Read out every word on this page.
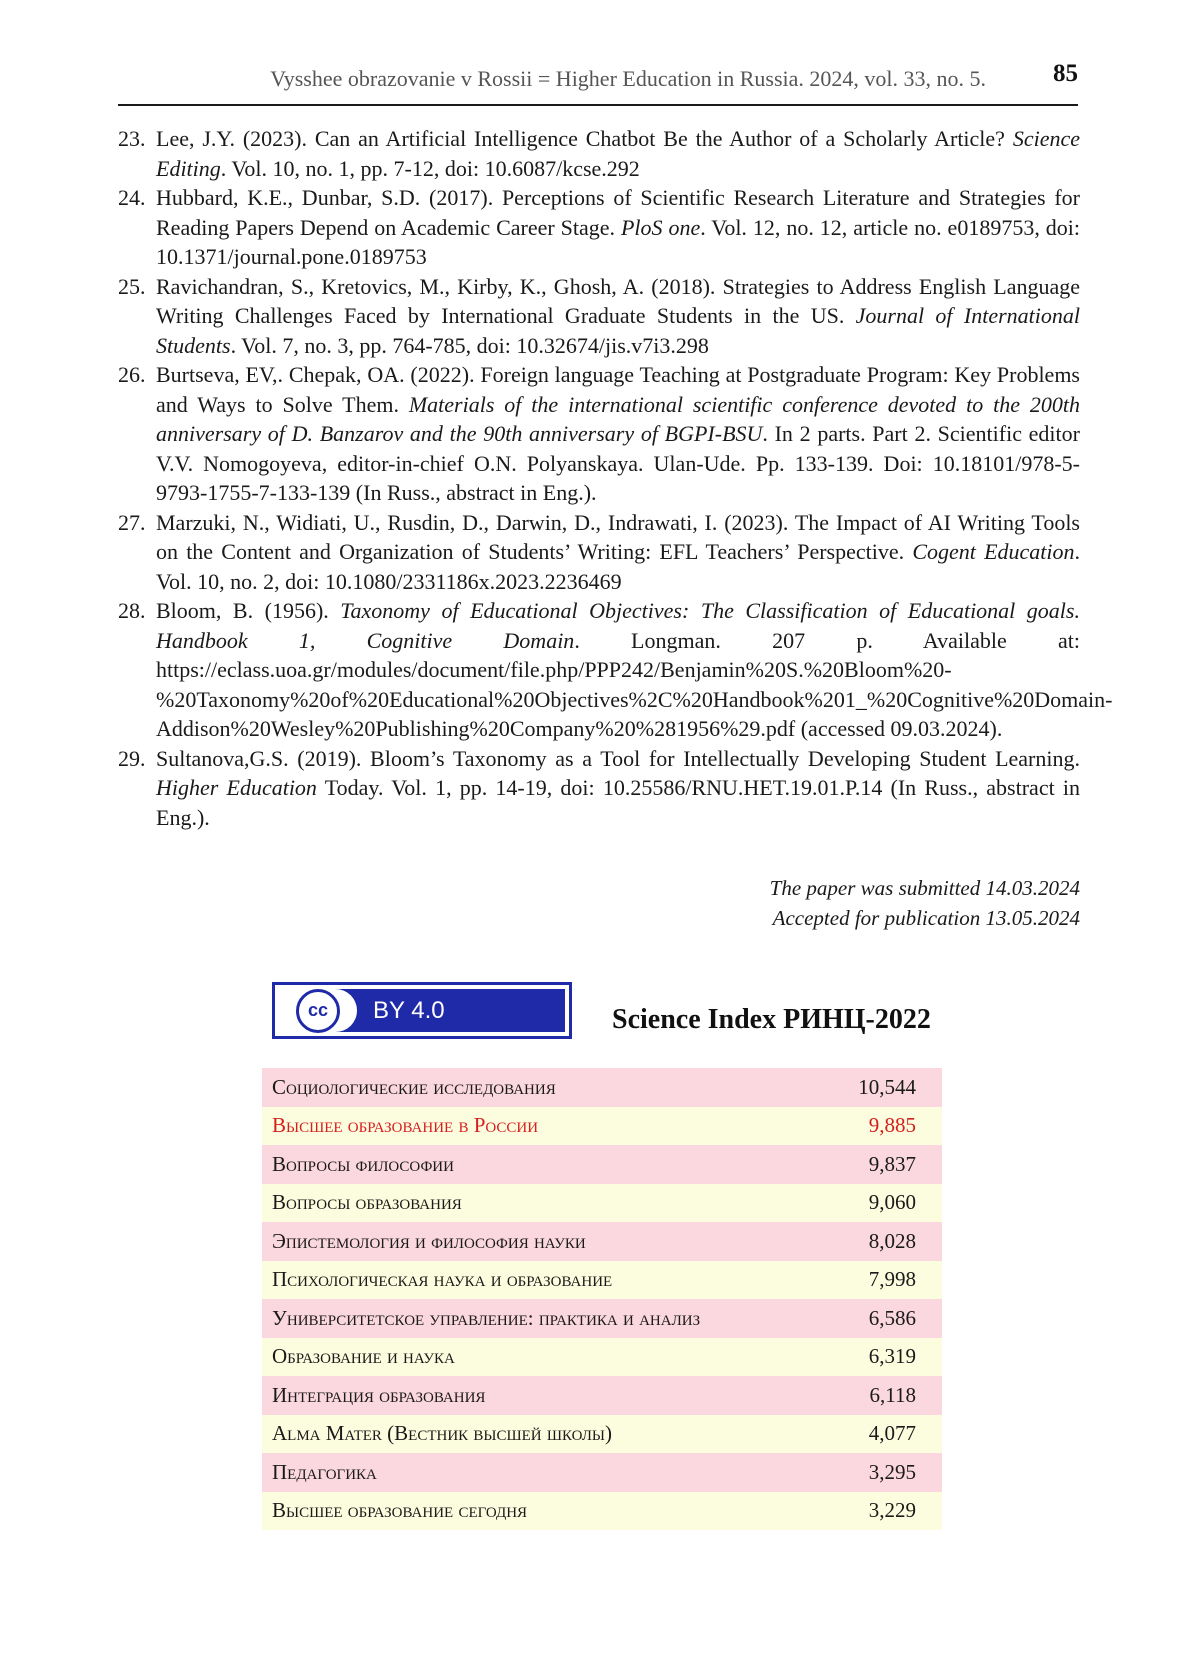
Vysshee obrazovanie v Rossii = Higher Education in Russia. 2024, vol. 33, no. 5.	85
23. Lee, J.Y. (2023). Can an Artificial Intelligence Chatbot Be the Author of a Scholarly Article? Science Editing. Vol. 10, no. 1, pp. 7-12, doi: 10.6087/kcse.292
24. Hubbard, K.E., Dunbar, S.D. (2017). Perceptions of Scientific Research Literature and Strategies for Reading Papers Depend on Academic Career Stage. PloS one. Vol. 12, no. 12, article no. e0189753, doi: 10.1371/journal.pone.0189753
25. Ravichandran, S., Kretovics, M., Kirby, K., Ghosh, A. (2018). Strategies to Address English Language Writing Challenges Faced by International Graduate Students in the US. Journal of International Students. Vol. 7, no. 3, pp. 764-785, doi: 10.32674/jis.v7i3.298
26. Burtseva, EV,. Chepak, OA. (2022). Foreign language Teaching at Postgraduate Program: Key Problems and Ways to Solve Them. Materials of the international scientific conference devoted to the 200th anniversary of D. Banzarov and the 90th anniversary of BGPI-BSU. In 2 parts. Part 2. Scientific editor V.V. Nomogoyeva, editor-in-chief O.N. Polyanskaya. Ulan-Ude. Pp. 133-139. Doi: 10.18101/978-5-9793-1755-7-133-139 (In Russ., abstract in Eng.).
27. Marzuki, N., Widiati, U., Rusdin, D., Darwin, D., Indrawati, I. (2023). The Impact of AI Writing Tools on the Content and Organization of Students’ Writing: EFL Teachers’ Perspective. Cogent Education. Vol. 10, no. 2, doi: 10.1080/2331186x.2023.2236469
28. Bloom, B. (1956). Taxonomy of Educational Objectives: The Classification of Educational goals. Handbook 1, Cognitive Domain. Longman. 207 p. Available at: https://eclass.uoa.gr/modules/document/file.php/PPP242/Benjamin%20S.%20Bloom%20-%20Taxonomy%20of%20Educational%20Objectives%2C%20Handbook%201_%20Cognitive%20Domain-Addison%20Wesley%20Publishing%20Company%20%281956%29.pdf (accessed 09.03.2024).
29. Sultanova,G.S. (2019). Bloom’s Taxonomy as a Tool for Intellectually Developing Student Learning. Higher Education Today. Vol. 1, pp. 14-19, doi: 10.25586/RNU.HET.19.01.P.14 (In Russ., abstract in Eng.).
The paper was submitted 14.03.2024
Accepted for publication 13.05.2024
cc	BY 4.0	Science Index РИНЦ-2022
Социологические исследования	10,544
Высшее образование в России	9,885
Вопросы философии	9,837
Вопросы образования	9,060
Эпистемология и философия науки	8,028
Психологическая наука и образование	7,998
Университетское управление: практика и анализ	6,586
Образование и наука	6,319
Интеграция образования	6,118
Alma Mater (Вестник высшей школы)	4,077
Педагогика	3,295
Высшее образование сегодня	3,229
